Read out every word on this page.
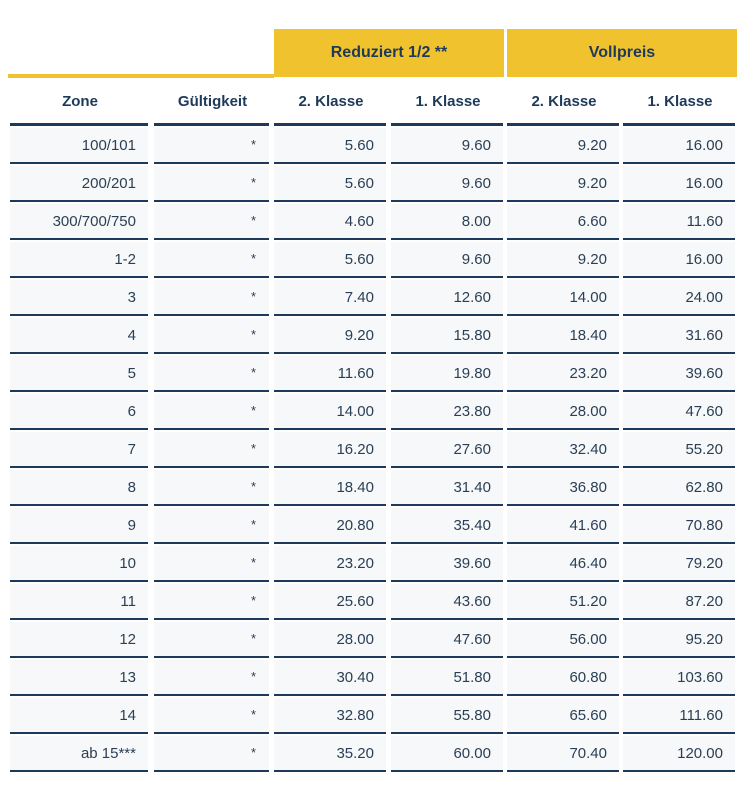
Reduziert 1/2 **	Vollpreis
Zone	Gültigkeit	2. Klasse	1. Klasse	2. Klasse	1. Klasse
100/101	*	5.60	9.60	9.20	16.00
200/201	*	5.60	9.60	9.20	16.00
300/700/750	*	4.60	8.00	6.60	11.60
1-2	*	5.60	9.60	9.20	16.00
3	*	7.40	12.60	14.00	24.00
4	*	9.20	15.80	18.40	31.60
5	*	11.60	19.80	23.20	39.60
6	*	14.00	23.80	28.00	47.60
7	*	16.20	27.60	32.40	55.20
8	*	18.40	31.40	36.80	62.80
9	*	20.80	35.40	41.60	70.80
10	*	23.20	39.60	46.40	79.20
11	*	25.60	43.60	51.20	87.20
12	*	28.00	47.60	56.00	95.20
13	*	30.40	51.80	60.80	103.60
14	*	32.80	55.80	65.60	111.60
ab 15***	*	35.20	60.00	70.40	120.00
